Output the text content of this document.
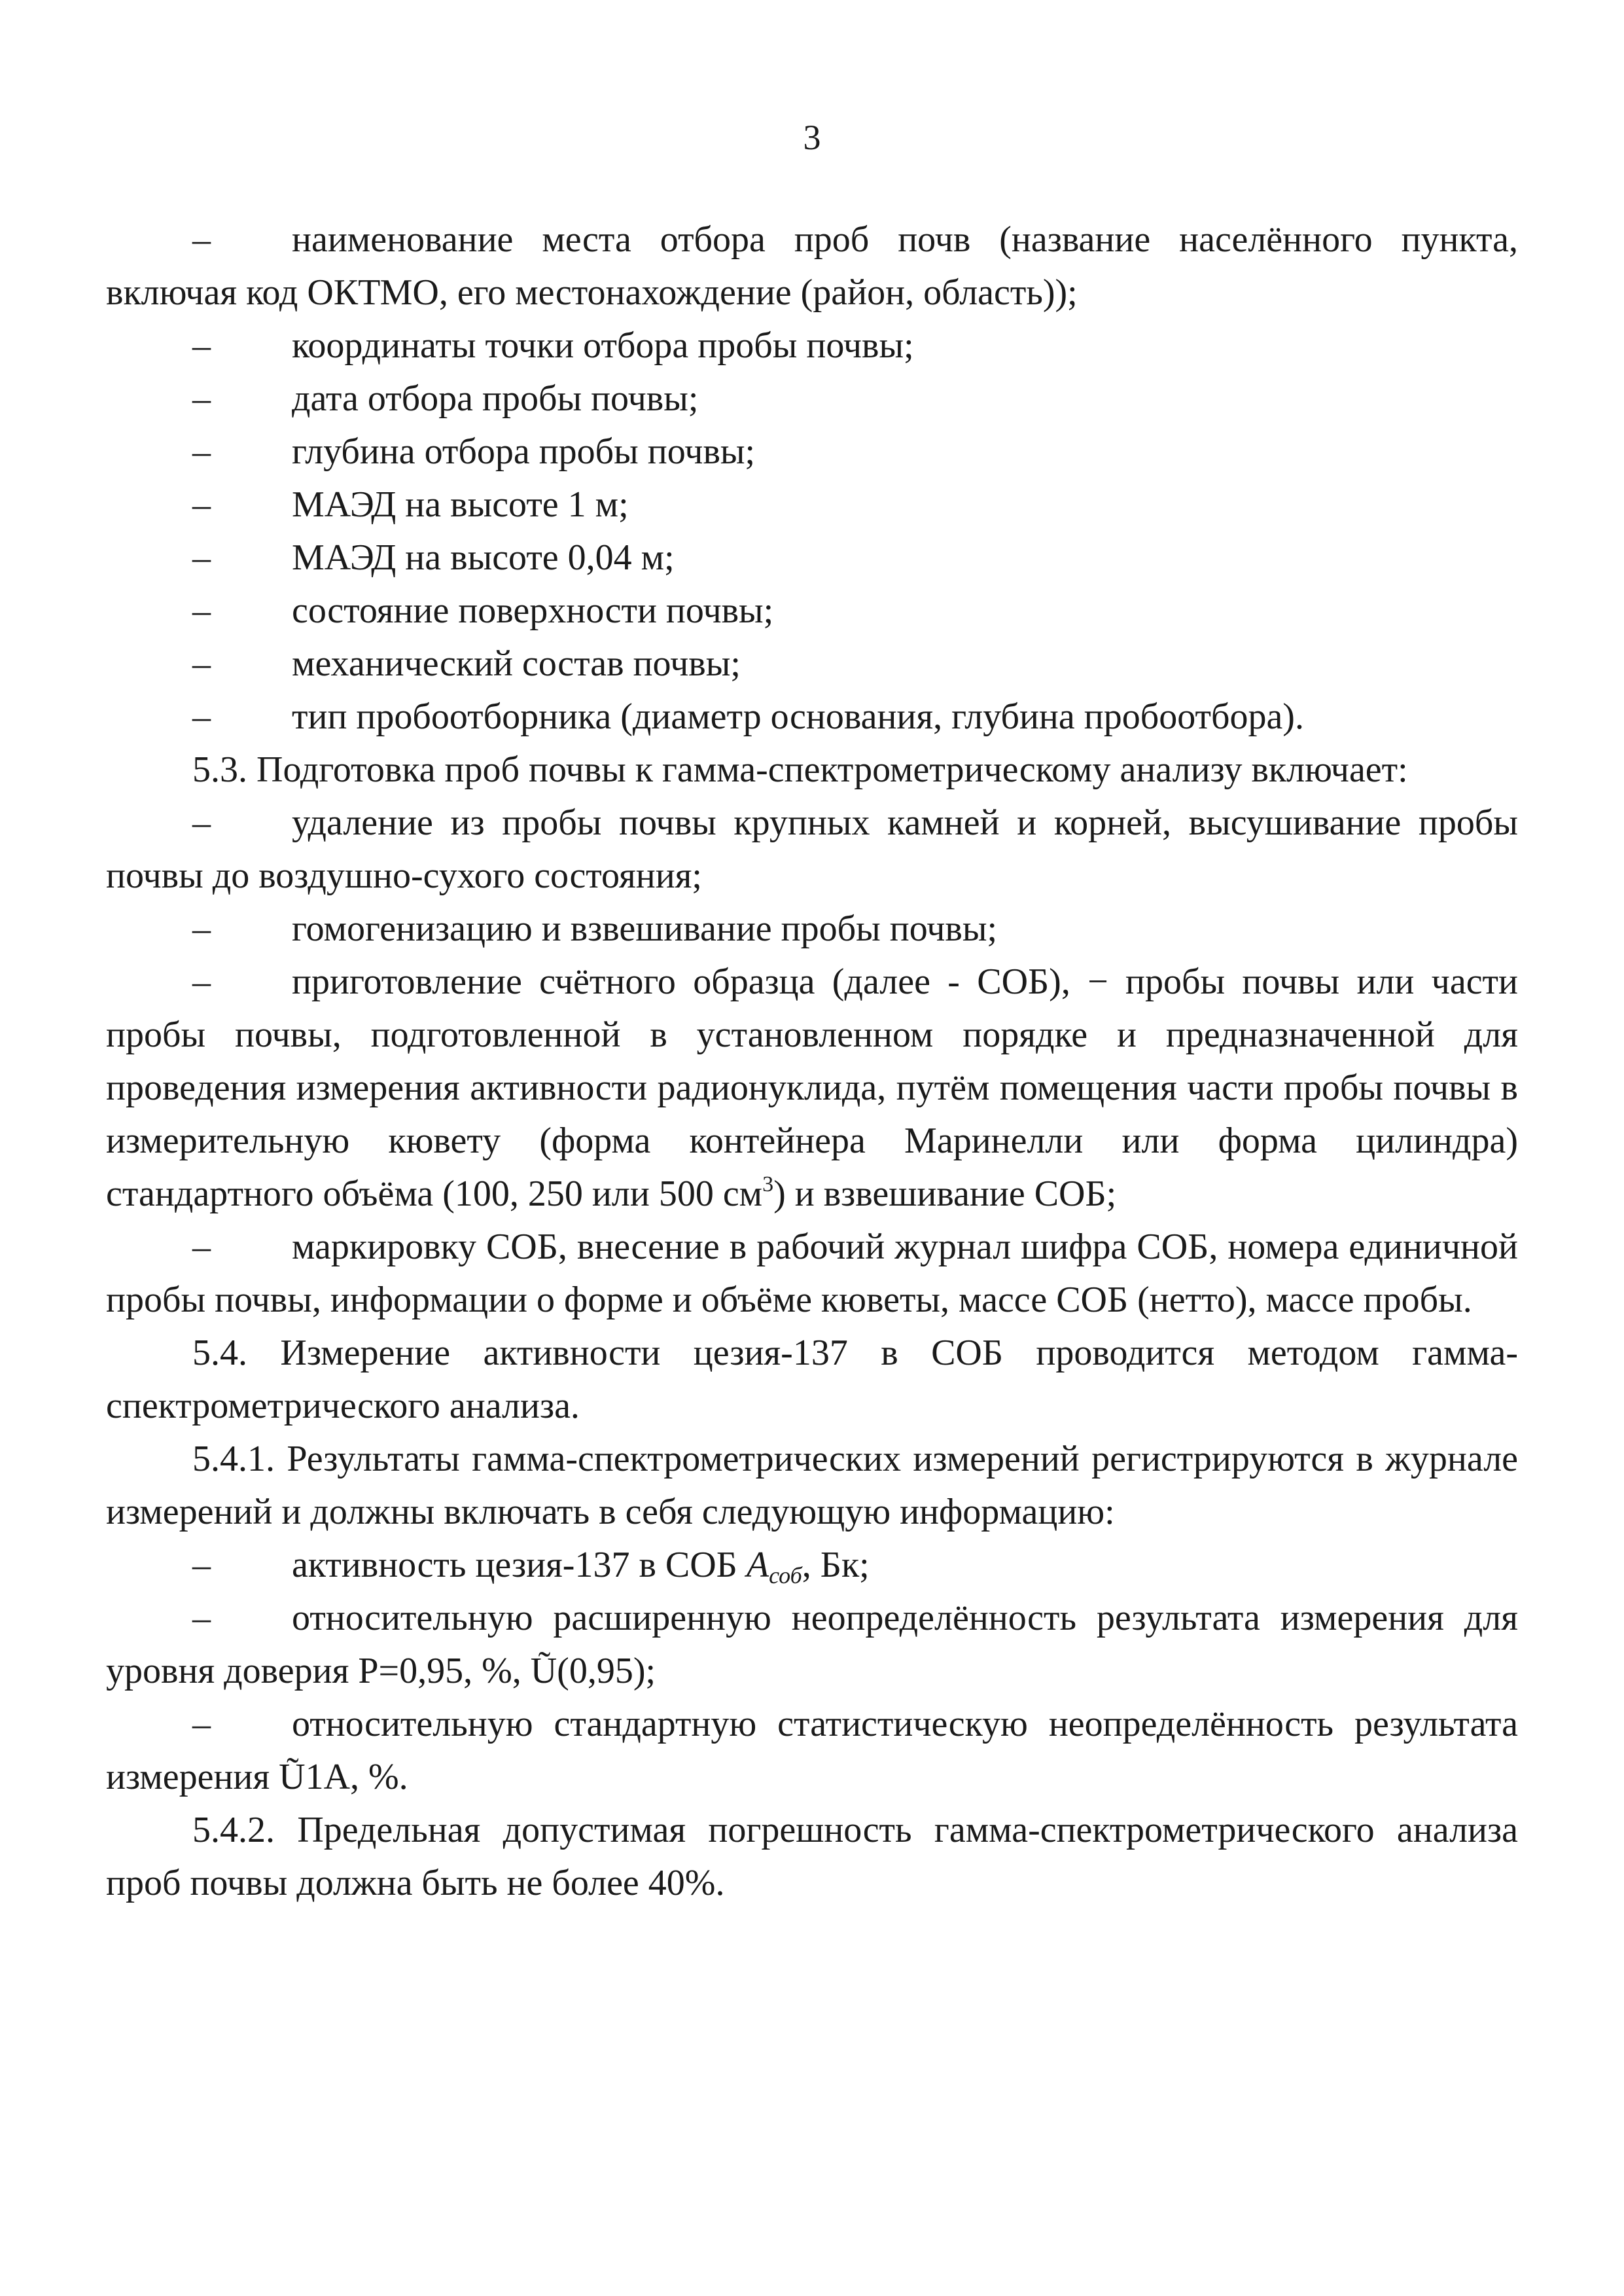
3

– наименование места отбора проб почв (название населённого пункта, включая код ОКТМО, его местонахождение (район, область));

– координаты точки отбора пробы почвы;

– дата отбора пробы почвы;

– глубина отбора пробы почвы;

– МАЭД на высоте 1 м;

– МАЭД на высоте 0,04 м;

– состояние поверхности почвы;

– механический состав почвы;

– тип пробоотборника (диаметр основания, глубина пробоотбора).

5.3. Подготовка проб почвы к гамма-спектрометрическому анализу включает:

– удаление из пробы почвы крупных камней и корней, высушивание пробы почвы до воздушно-сухого состояния;

– гомогенизацию и взвешивание пробы почвы;

– приготовление счётного образца (далее - СОБ), − пробы почвы или части пробы почвы, подготовленной в установленном порядке и предназначенной для проведения измерения активности радионуклида, путём помещения части пробы почвы в измерительную кювету (форма контейнера Маринелли или форма цилиндра) стандартного объёма (100, 250 или 500 $см^3$) и взвешивание СОБ;

– маркировку СОБ, внесение в рабочий журнал шифра СОБ, номера единичной пробы почвы, информации о форме и объёме кюветы, массе СОБ (нетто), массе пробы.

5.4. Измерение активности цезия-137 в СОБ проводится методом гамма-спектрометрического анализа.

5.4.1. Результаты гамма-спектрометрических измерений регистрируются в журнале измерений и должны включать в себя следующую информацию:

– активность цезия-137 в СОБ $A_{соб}$, Бк;

– относительную расширенную неопределённость результата измерения для уровня доверия P=0,95, %, Ũ(0,95);

– относительную стандартную статистическую неопределённость результата измерения Ũ1A, %.

5.4.2. Предельная допустимая погрешность гамма-спектрометрического анализа проб почвы должна быть не более 40%.
